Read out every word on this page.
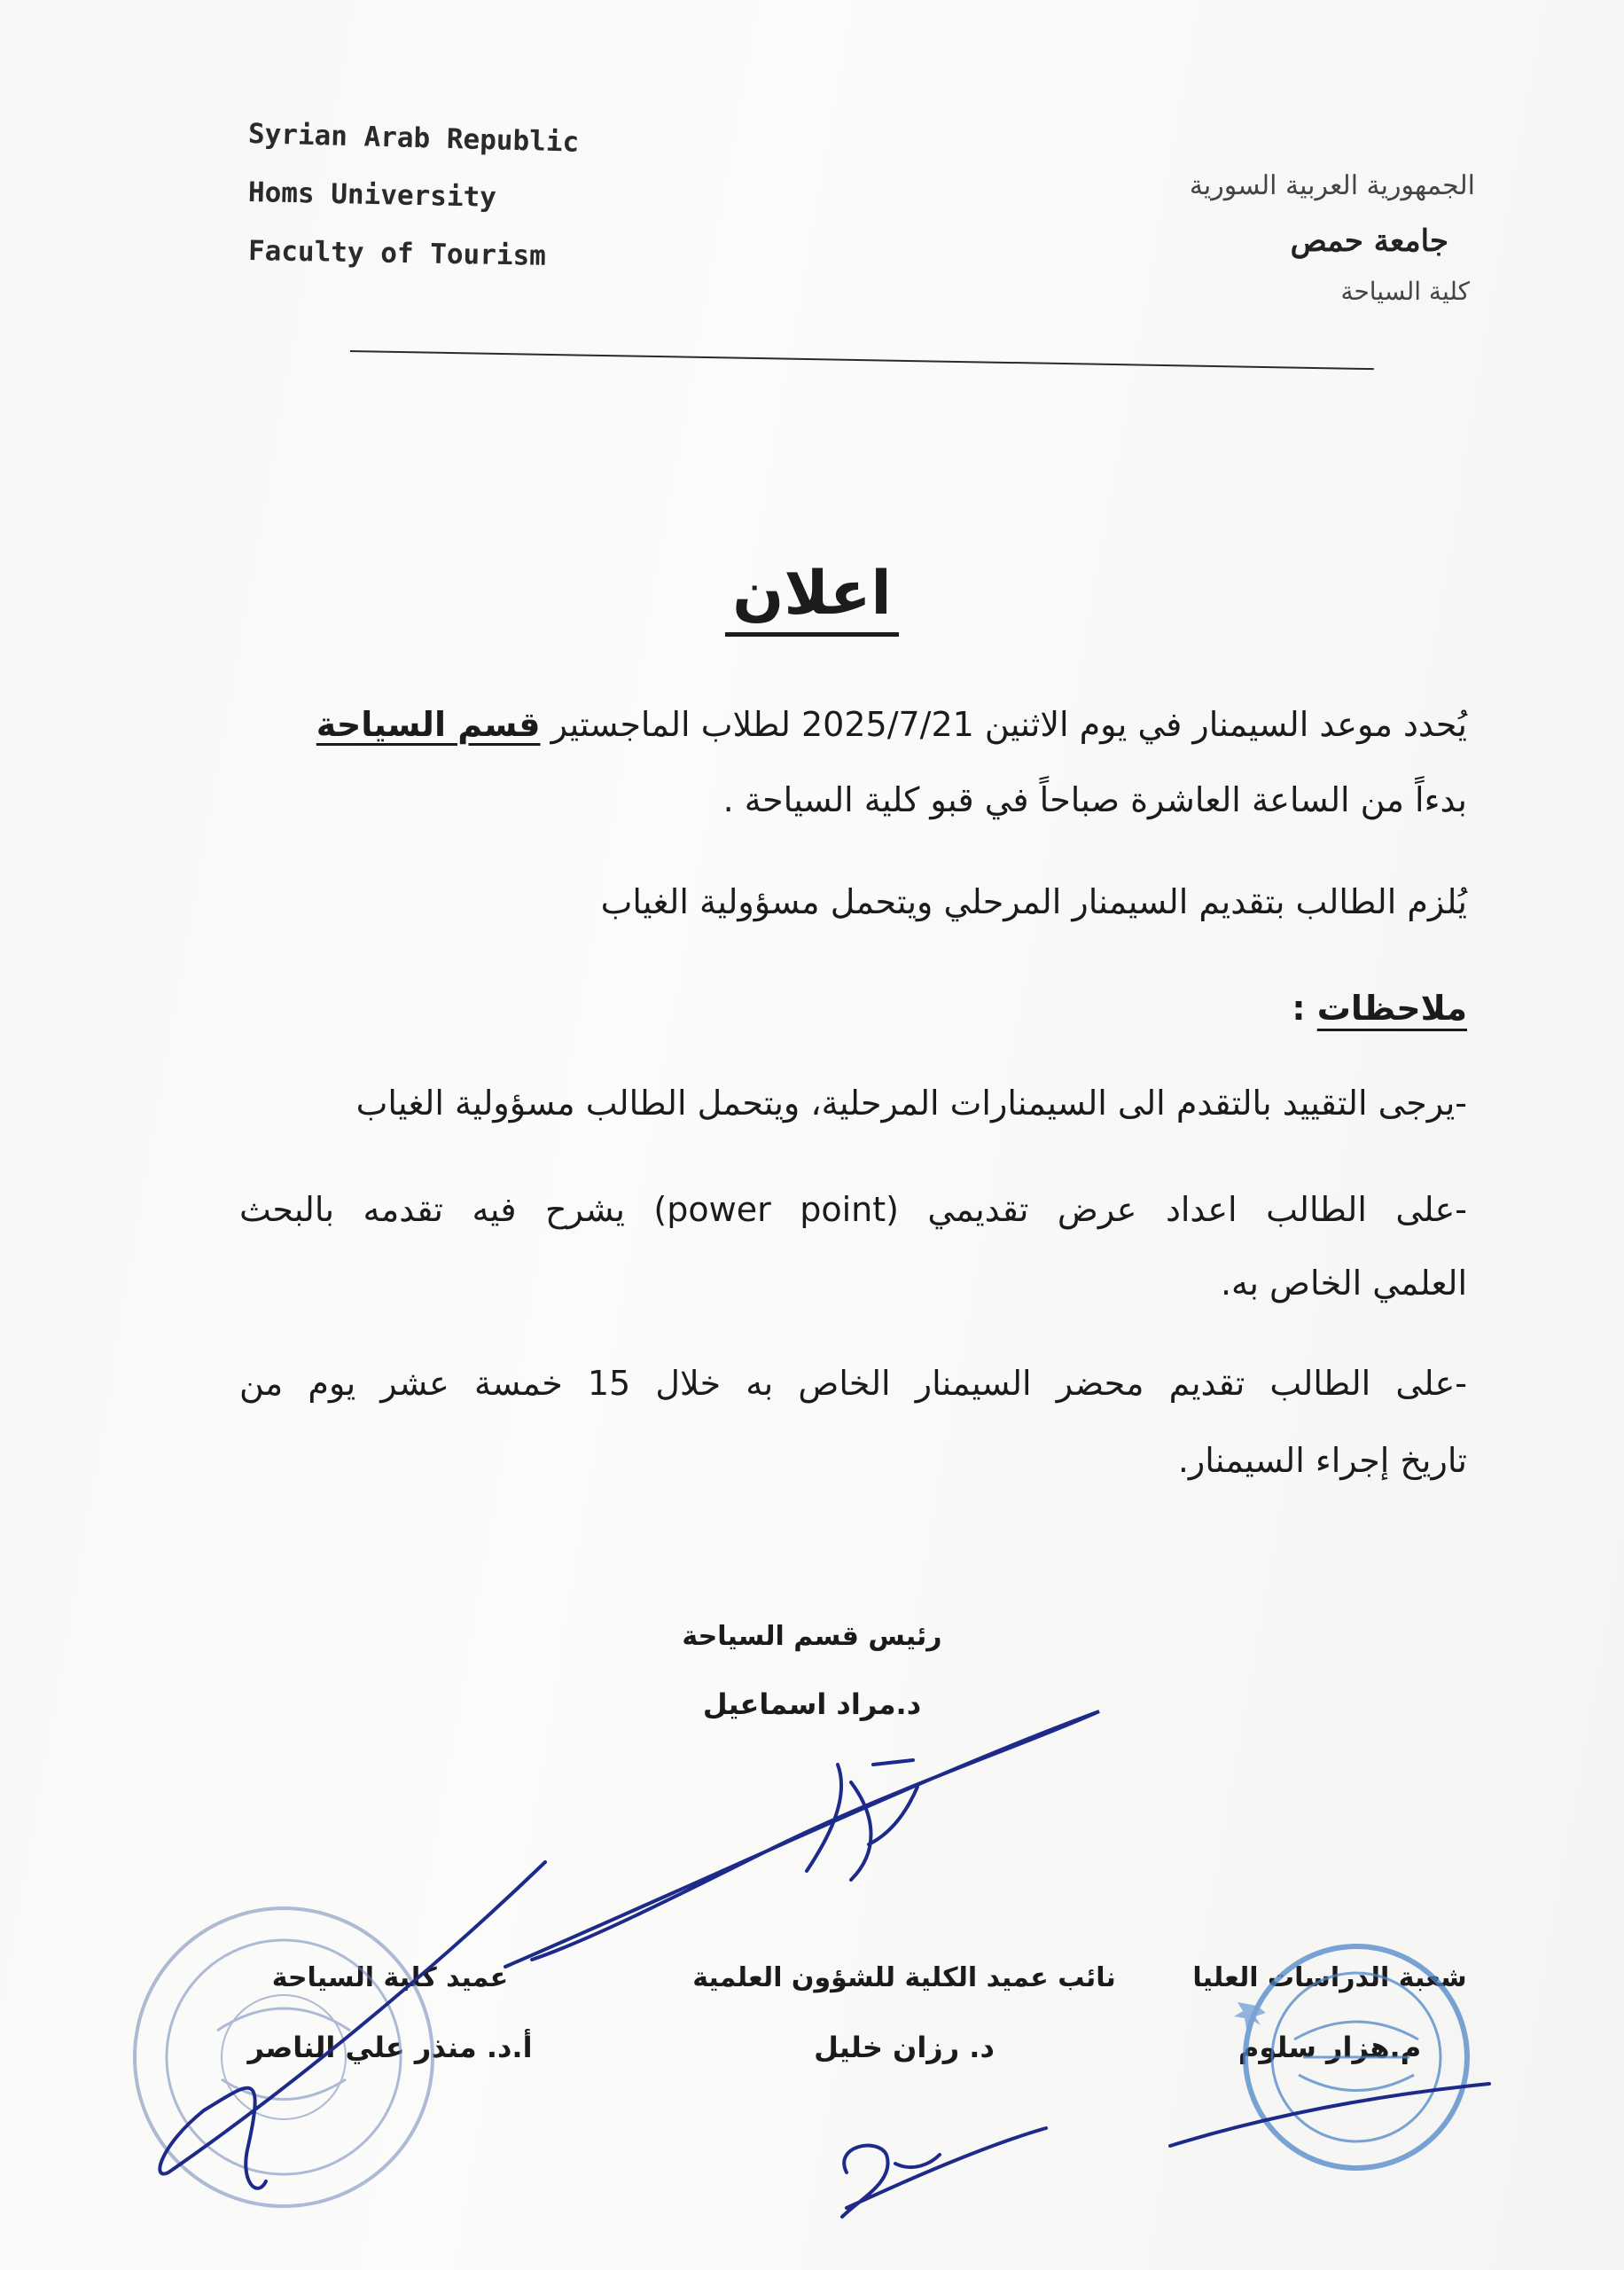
Syrian Arab Republic
Homs University
Faculty of Tourism
الجمهورية العربية السورية
جامعة حمص
كلية السياحة
اعلان
يُحدد موعد السيمنار في يوم الاثنين 2025/7/21 لطلاب الماجستير قسم السياحة
بدءاً من الساعة العاشرة صباحاً في قبو كلية السياحة .
يُلزم الطالب بتقديم السيمنار المرحلي ويتحمل مسؤولية الغياب
ملاحظات :
-يرجى التقييد بالتقدم الى السيمنارات المرحلية، ويتحمل الطالب مسؤولية الغياب
-على الطالب اعداد عرض تقديمي (power point) يشرح فيه تقدمه بالبحث
العلمي الخاص به.
-على الطالب تقديم محضر السيمنار الخاص به خلال 15 خمسة عشر يوم من
تاريخ إجراء السيمنار.
رئيس قسم السياحة
د.مراد اسماعيل
عميد كلية السياحة
أ.د. منذر علي الناصر
نائب عميد الكلية للشؤون العلمية
د. رزان خليل
شعبة الدراسات العليا
م.هزار سلوم
